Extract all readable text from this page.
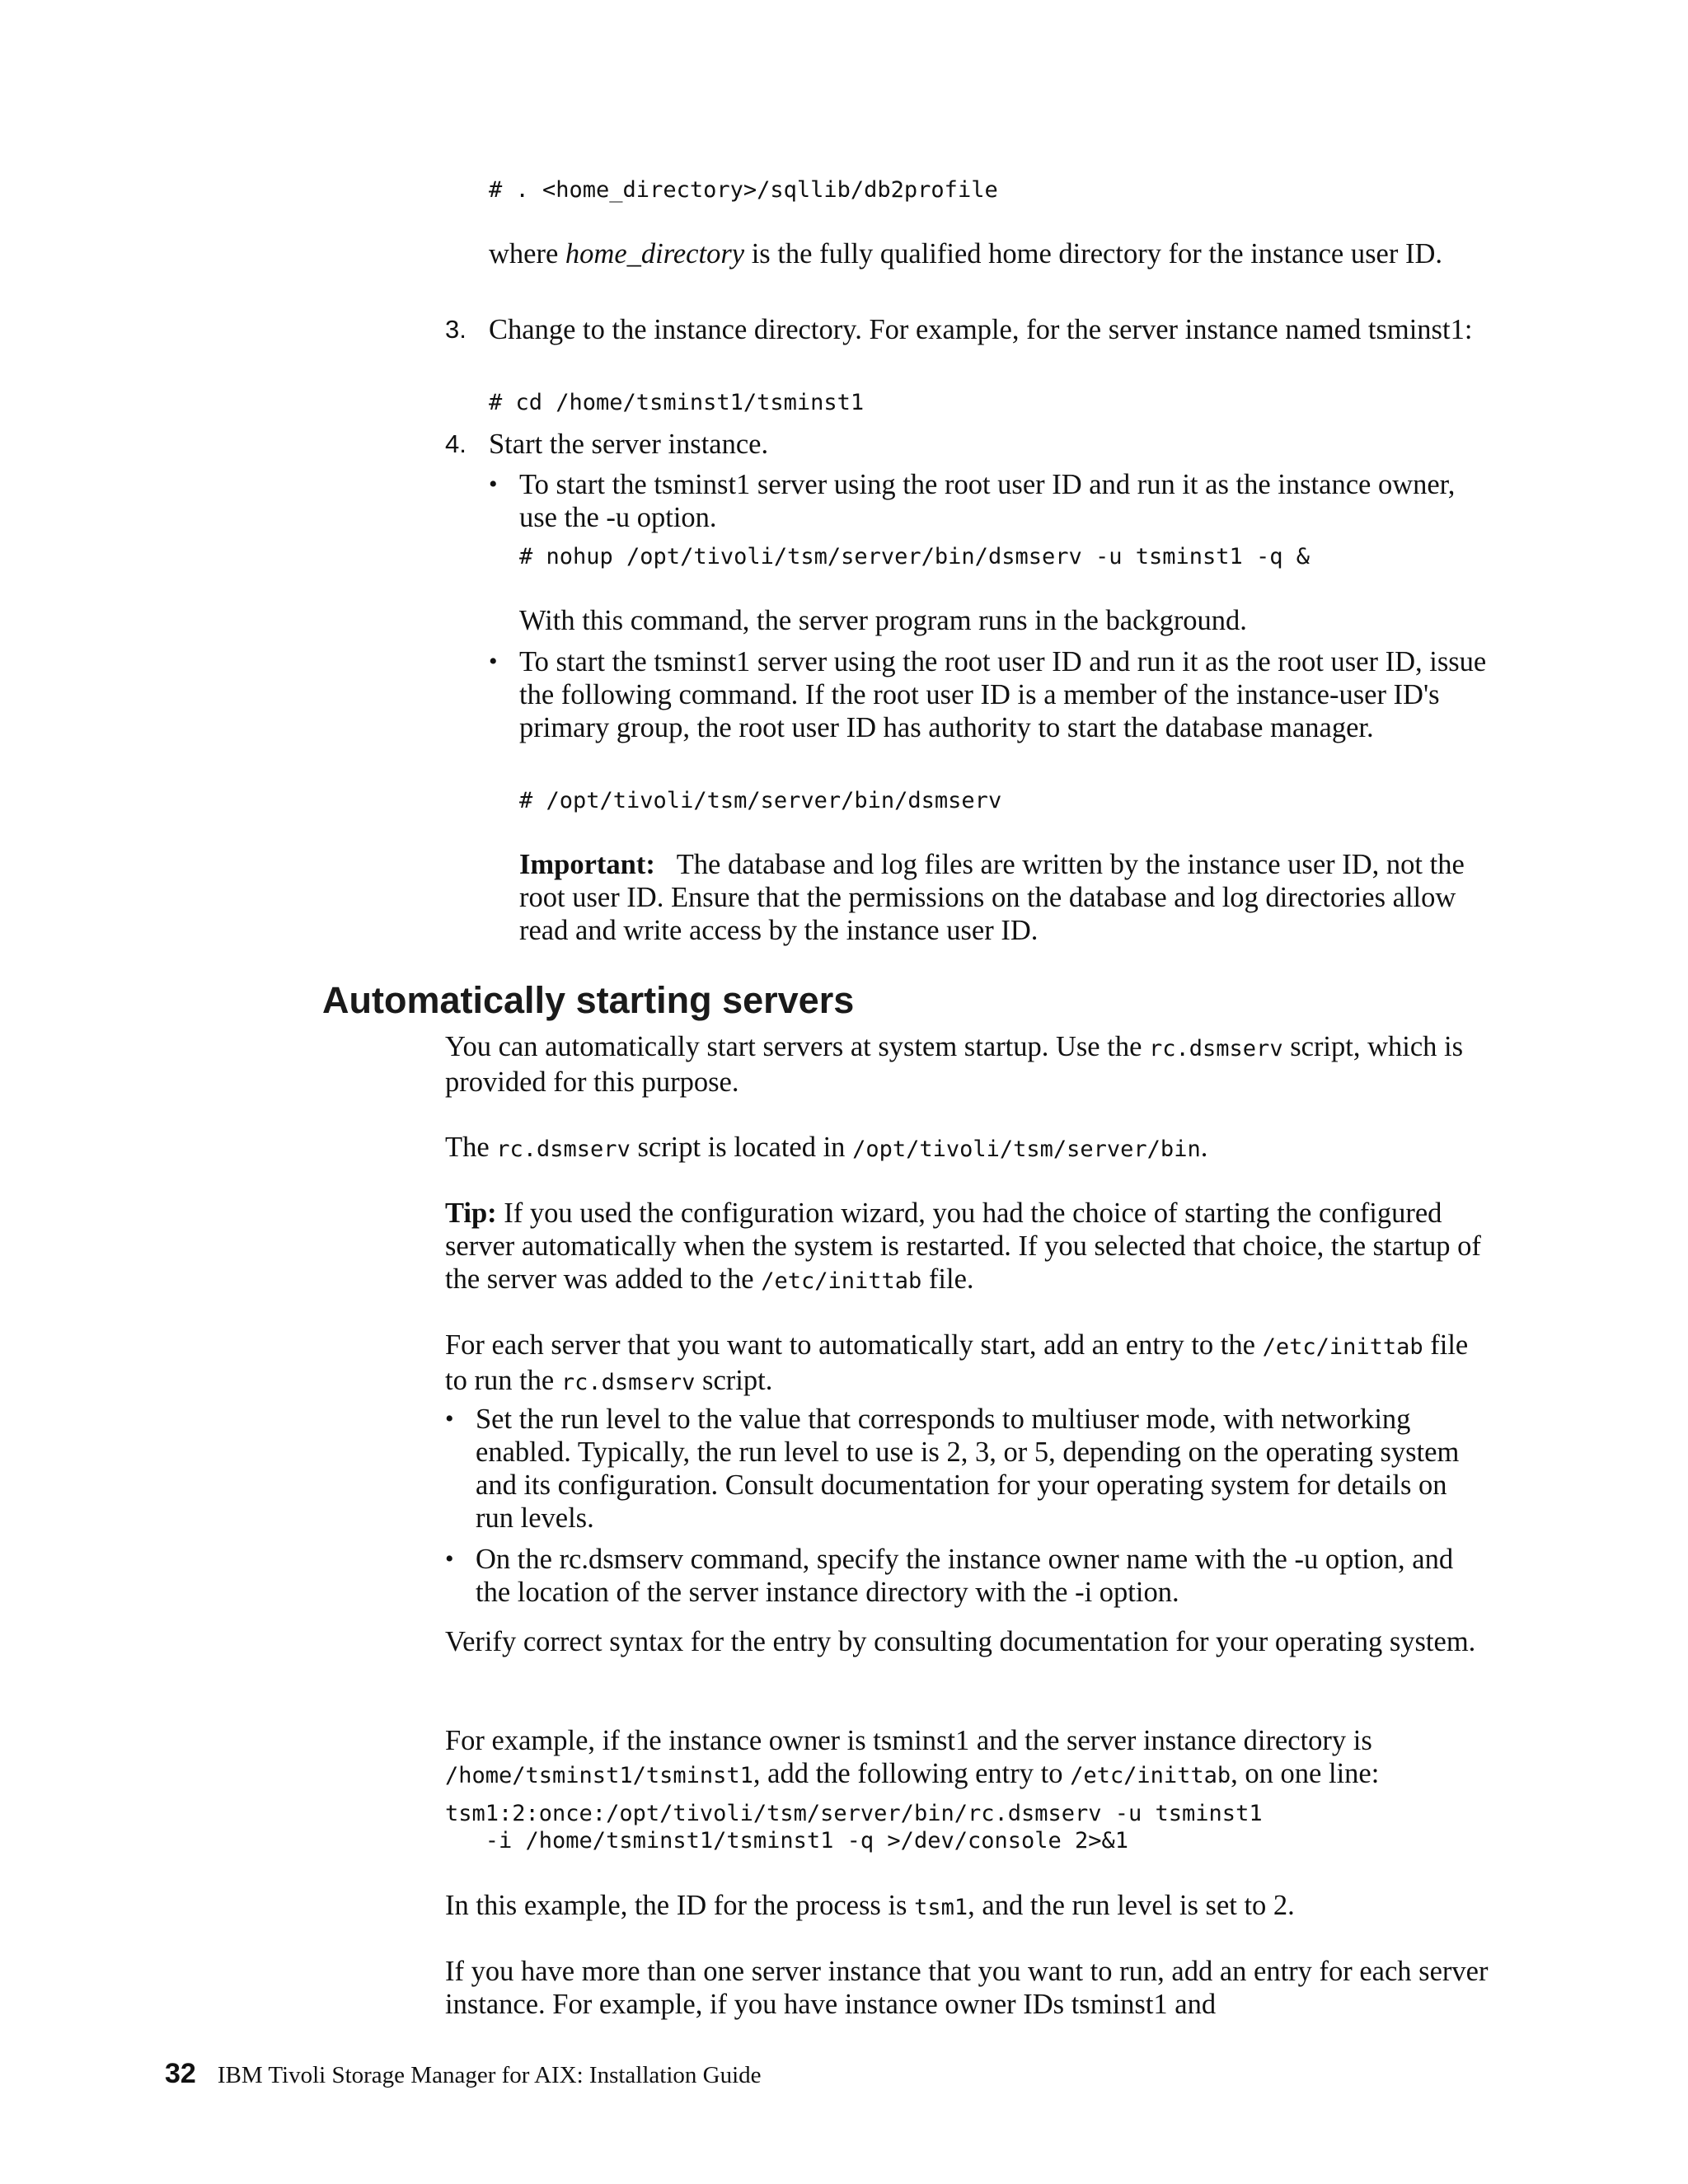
# . <home_directory>/sqllib/db2profile

where home_directory is the fully qualified home directory for the instance user ID.

3. Change to the instance directory. For example, for the server instance named tsminst1:

# cd /home/tsminst1/tsminst1
4. Start the server instance.

• To start the tsminst1 server using the root user ID and run it as the instance owner, use the -u option.

# nohup /opt/tivoli/tsm/server/bin/dsmserv -u tsminst1 -q &

With this command, the server program runs in the background.

• To start the tsminst1 server using the root user ID and run it as the root user ID, issue the following command. If the root user ID is a member of the instance-user ID's primary group, the root user ID has authority to start the database manager.

# /opt/tivoli/tsm/server/bin/dsmserv

Important: The database and log files are written by the instance user ID, not the root user ID. Ensure that the permissions on the database and log directories allow read and write access by the instance user ID.

Automatically starting servers

You can automatically start servers at system startup. Use the rc.dsmserv script, which is provided for this purpose.

The rc.dsmserv script is located in /opt/tivoli/tsm/server/bin.

Tip: If you used the configuration wizard, you had the choice of starting the configured server automatically when the system is restarted. If you selected that choice, the startup of the server was added to the /etc/inittab file.

For each server that you want to automatically start, add an entry to the /etc/inittab file to run the rc.dsmserv script.

• Set the run level to the value that corresponds to multiuser mode, with networking enabled. Typically, the run level to use is 2, 3, or 5, depending on the operating system and its configuration. Consult documentation for your operating system for details on run levels.

• On the rc.dsmserv command, specify the instance owner name with the -u option, and the location of the server instance directory with the -i option.

Verify correct syntax for the entry by consulting documentation for your operating system.

For example, if the instance owner is tsminst1 and the server instance directory is /home/tsminst1/tsminst1, add the following entry to /etc/inittab, on one line:

tsm1:2:once:/opt/tivoli/tsm/server/bin/rc.dsmserv -u tsminst1
-i /home/tsminst1/tsminst1 -q >/dev/console 2>&1

In this example, the ID for the process is tsm1, and the run level is set to 2.

If you have more than one server instance that you want to run, add an entry for each server instance. For example, if you have instance owner IDs tsminst1 and

32 IBM Tivoli Storage Manager for AIX: Installation Guide
